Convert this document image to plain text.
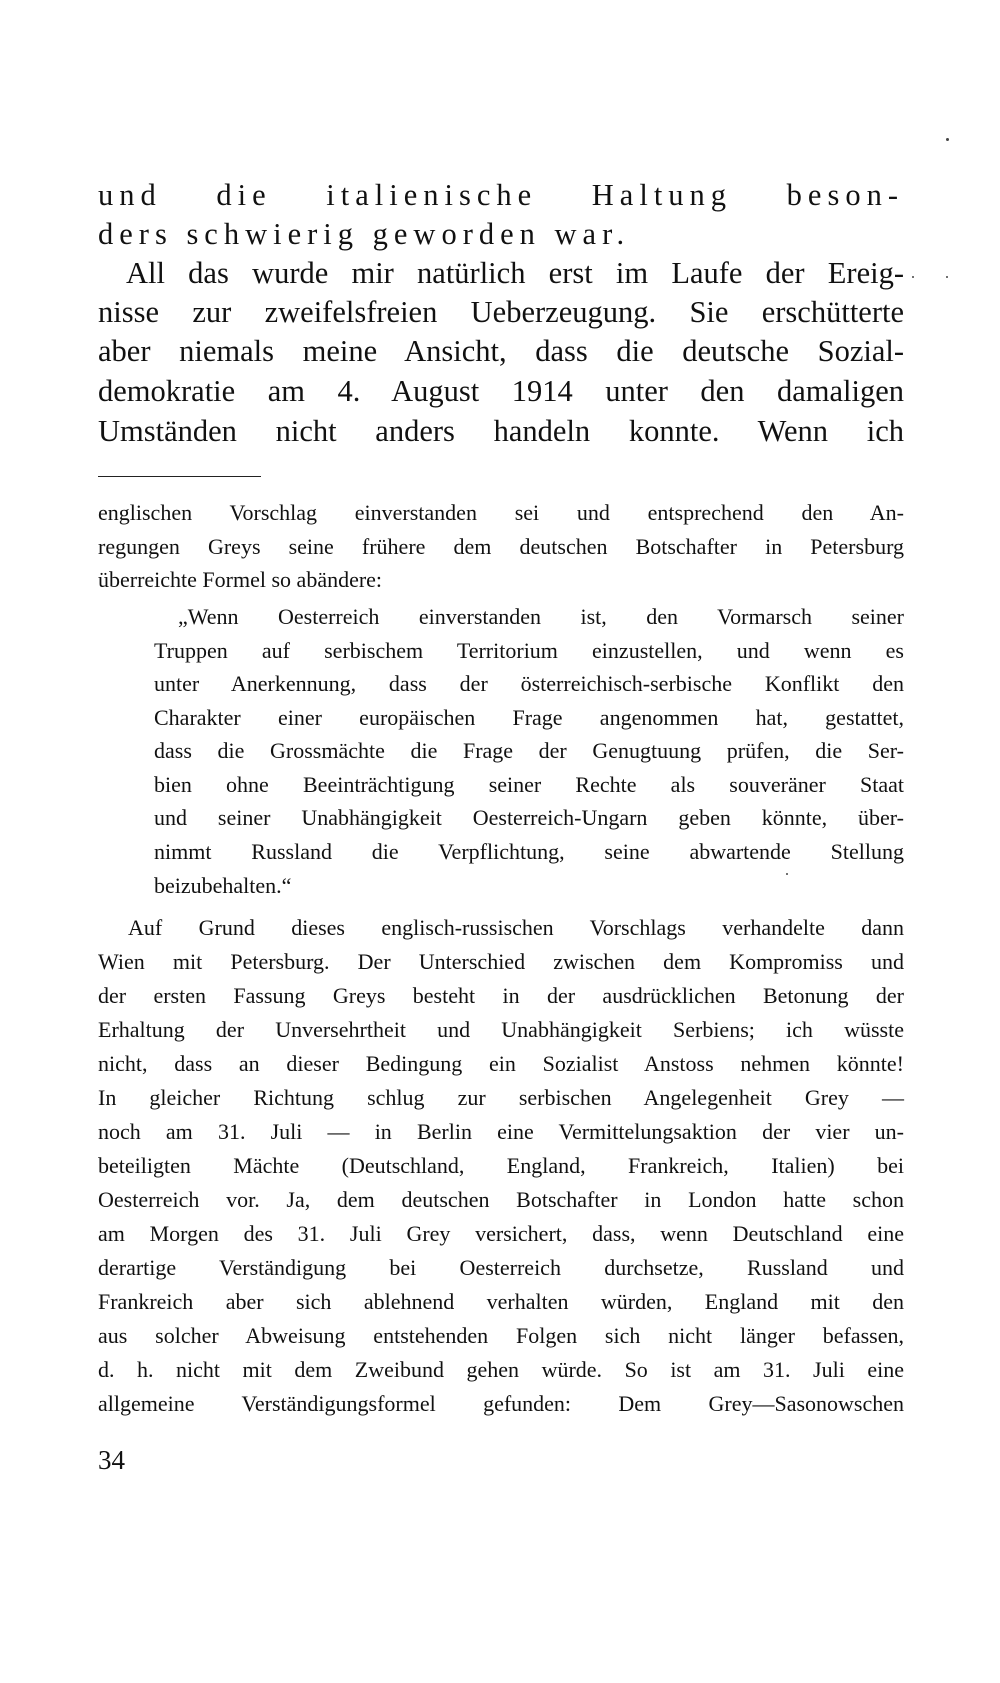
und die italienische Haltung beson-
ders schwierig geworden war.
All das wurde mir natürlich erst im Laufe der Ereig-
nisse zur zweifelsfreien Ueberzeugung. Sie erschütterte
aber niemals meine Ansicht, dass die deutsche Sozial-
demokratie am 4. August 1914 unter den damaligen
Umständen nicht anders handeln konnte. Wenn ich
englischen Vorschlag einverstanden sei und entsprechend den An-
regungen Greys seine frühere dem deutschen Botschafter in Petersburg
überreichte Formel so abändere:
„Wenn Oesterreich einverstanden ist, den Vormarsch seiner
Truppen auf serbischem Territorium einzustellen, und wenn es
unter Anerkennung, dass der österreichisch-serbische Konflikt den
Charakter einer europäischen Frage angenommen hat, gestattet,
dass die Grossmächte die Frage der Genugtuung prüfen, die Ser-
bien ohne Beeinträchtigung seiner Rechte als souveräner Staat
und seiner Unabhängigkeit Oesterreich-Ungarn geben könnte, über-
nimmt Russland die Verpflichtung, seine abwartende Stellung
beizubehalten.“
Auf Grund dieses englisch-russischen Vorschlags verhandelte dann
Wien mit Petersburg. Der Unterschied zwischen dem Kompromiss und
der ersten Fassung Greys besteht in der ausdrücklichen Betonung der
Erhaltung der Unversehrtheit und Unabhängigkeit Serbiens; ich wüsste
nicht, dass an dieser Bedingung ein Sozialist Anstoss nehmen könnte!
In gleicher Richtung schlug zur serbischen Angelegenheit Grey —
noch am 31. Juli — in Berlin eine Vermittelungsaktion der vier un-
beteiligten Mächte (Deutschland, England, Frankreich, Italien) bei
Oesterreich vor. Ja, dem deutschen Botschafter in London hatte schon
am Morgen des 31. Juli Grey versichert, dass, wenn Deutschland eine
derartige Verständigung bei Oesterreich durchsetze, Russland und
Frankreich aber sich ablehnend verhalten würden, England mit den
aus solcher Abweisung entstehenden Folgen sich nicht länger befassen,
d. h. nicht mit dem Zweibund gehen würde. So ist am 31. Juli eine
allgemeine Verständigungsformel gefunden: Dem Grey—Sasonowschen
34
